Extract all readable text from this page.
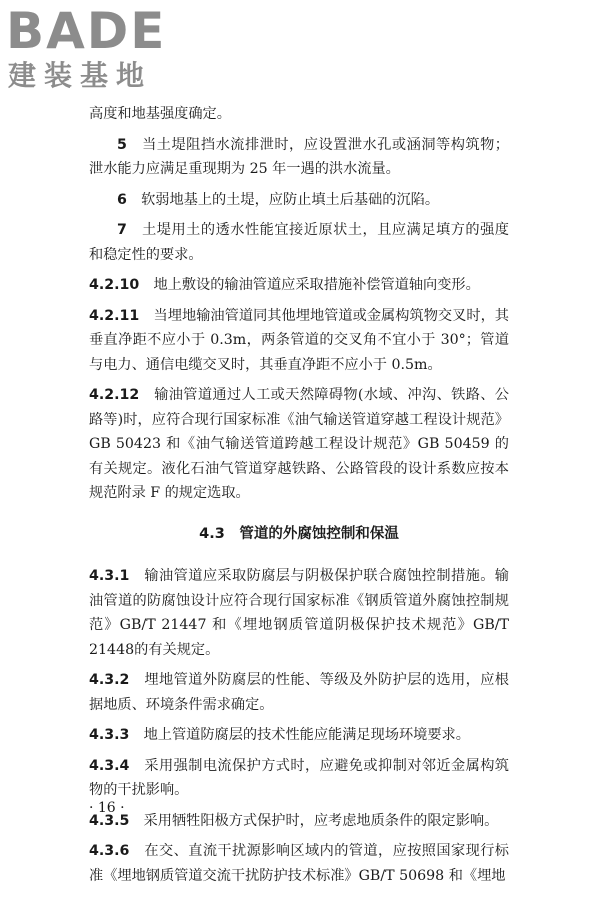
BADE
建装基地

高度和地基强度确定。

5　 当土堤阻挡水流排泄时，应设置泄水孔或涵洞等构筑物；泄水能力应满足重现期为 25 年一遇的洪水流量。

6　 软弱地基上的土堤，应防止填土后基础的沉陷。

7　 土堤用土的透水性能宜接近原状土，且应满足填方的强度和稳定性的要求。

4.2.10　 地上敷设的输油管道应采取措施补偿管道轴向变形。

4.2.11　 当埋地输油管道同其他埋地管道或金属构筑物交叉时，其垂直净距不应小于 0.3m，两条管道的交叉角不宜小于 30°；管道与电力、通信电缆交叉时，其垂直净距不应小于 0.5m。

4.2.12　 输油管道通过人工或天然障碍物(水域、冲沟、铁路、公路等)时，应符合现行国家标准《油气输送管道穿越工程设计规范》GB 50423 和《油气输送管道跨越工程设计规范》GB 50459 的有关规定。液化石油气管道穿越铁路、公路管段的设计系数应按本规范附录 F 的规定选取。

4.3　管道的外腐蚀控制和保温

4.3.1　 输油管道应采取防腐层与阴极保护联合腐蚀控制措施。输油管道的防腐蚀设计应符合现行国家标准《钢质管道外腐蚀控制规范》GB/T 21447 和《埋地钢质管道阴极保护技术规范》GB/T 21448的有关规定。

4.3.2　 埋地管道外防腐层的性能、等级及外防护层的选用，应根据地质、环境条件需求确定。

4.3.3　 地上管道防腐层的技术性能应能满足现场环境要求。

4.3.4　 采用强制电流保护方式时，应避免或抑制对邻近金属构筑物的干扰影响。

4.3.5　 采用牺牲阳极方式保护时，应考虑地质条件的限定影响。

4.3.6　 在交、直流干扰源影响区域内的管道，应按照国家现行标准《埋地钢质管道交流干扰防护技术标准》GB/T 50698 和《埋地

· 16 ·
